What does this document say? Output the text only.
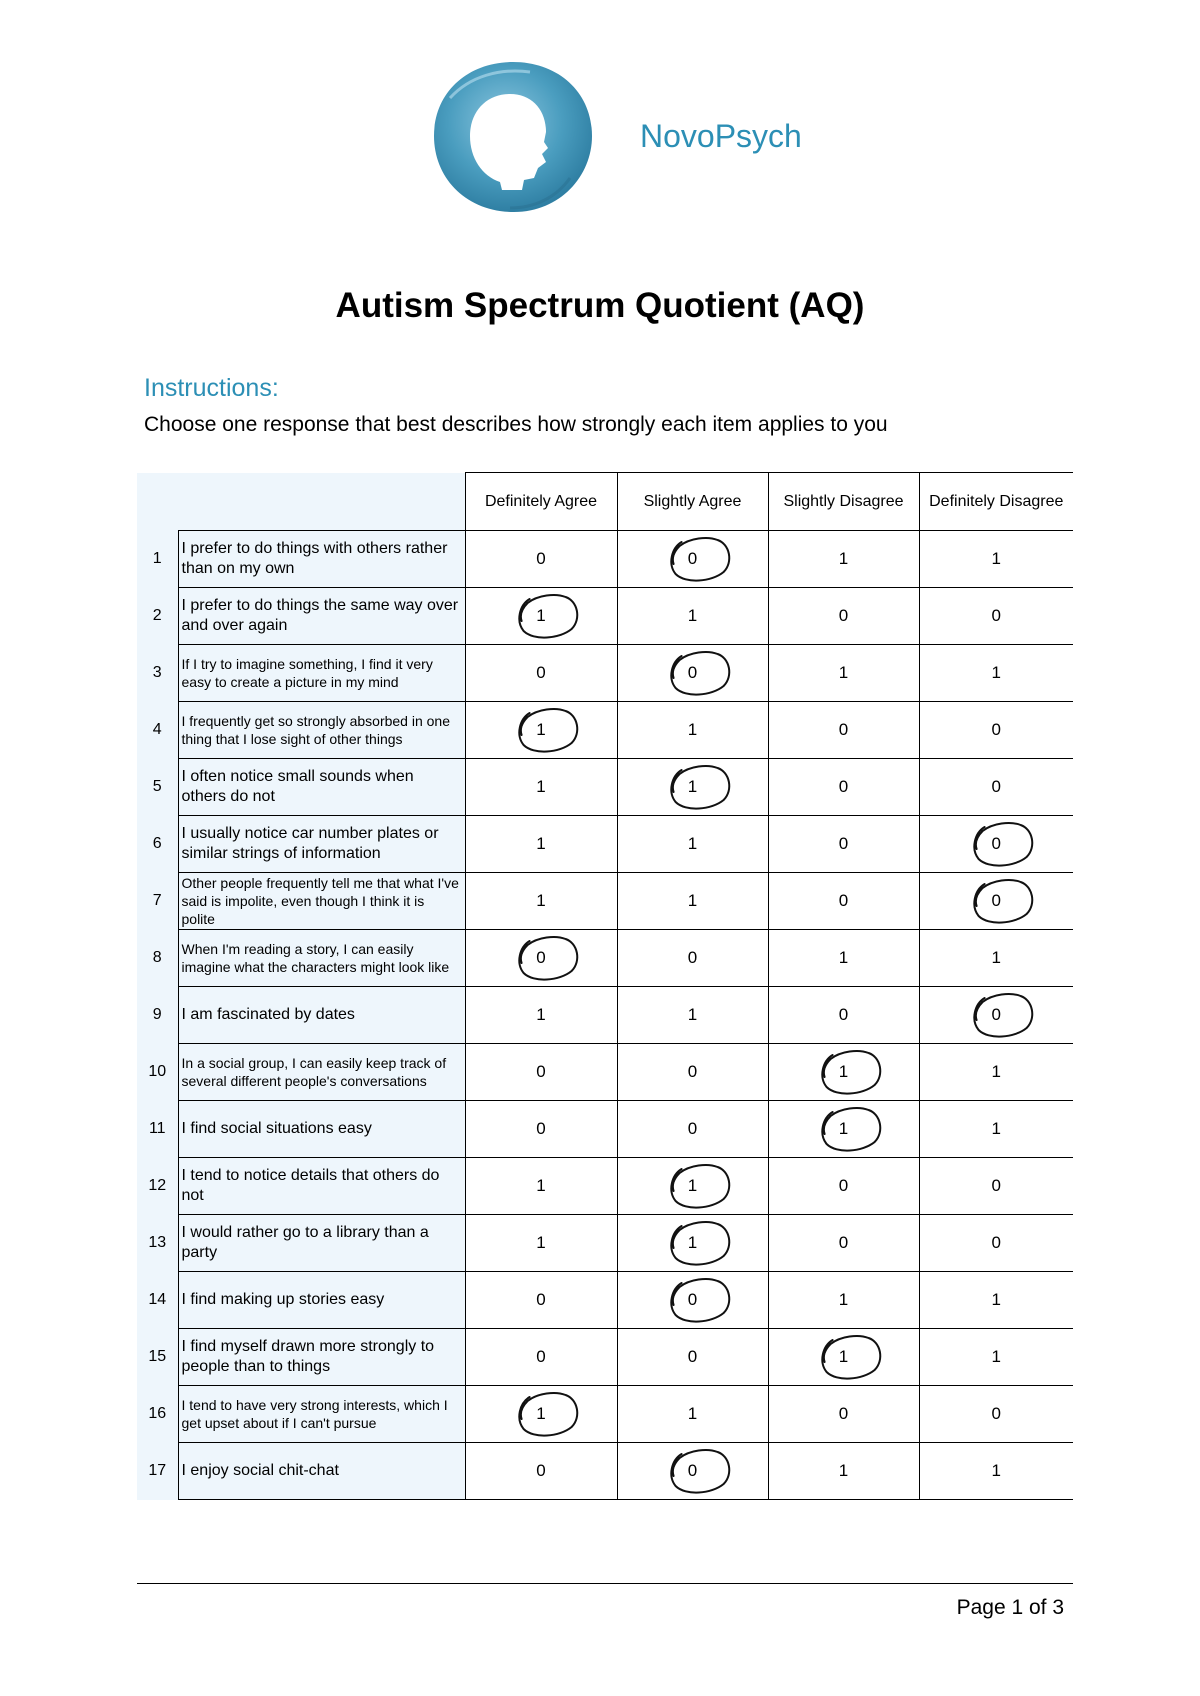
NovoPsych
Autism Spectrum Quotient (AQ)
Instructions:
Choose one response that best describes how strongly each item applies to you
		Definitely Agree	Slightly Agree	Slightly Disagree	Definitely Disagree
1	I prefer to do things with others rather than on my own	0	0	1	1
2	I prefer to do things the same way over and over again	1	1	0	0
3	If I try to imagine something, I find it very easy to create a picture in my mind	0	0	1	1
4	I frequently get so strongly absorbed in one thing that I lose sight of other things	1	1	0	0
5	I often notice small sounds when others do not	1	1	0	0
6	I usually notice car number plates or similar strings of information	1	1	0	0

7	Other people frequently tell me that what I've said is impolite, even though I think it is polite	1	1	0	0

8	When I'm reading a story, I can easily imagine what the characters might look like	0	0	1	1
9	I am fascinated by dates	1	1	0	0

10	In a social group, I can easily keep track of several different people's conversations	0	0	1	1
11	I find social situations easy	0	0	1	1
12	I tend to notice details that others do not	1	1	0	0
13	I would rather go to a library than a party	1	1	0	0
14	I find making up stories easy	0	0	1	1
15	I find myself drawn more strongly to people than to things	0	0	1	1
16	I tend to have very strong interests, which I get upset about if I can't pursue	1	1	0	0
17	I enjoy social chit-chat	0	0	1	1
Page 1 of 3
